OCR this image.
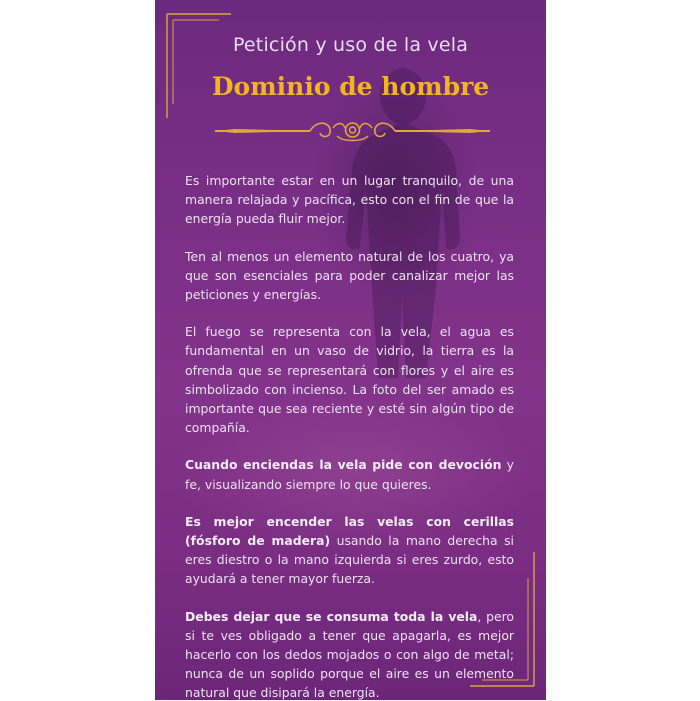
Petición y uso de la vela
Dominio de hombre

Es importante estar en un lugar tranquilo, de una manera relajada y pacífica, esto con el fin de que la energía pueda fluir mejor.

Ten al menos un elemento natural de los cuatro, ya que son esenciales para poder canalizar mejor las peticiones y energías.

El fuego se representa con la vela, el agua es fundamental en un vaso de vidrio, la tierra es la ofrenda que se representará con flores y el aire es simbolizado con incienso. La foto del ser amado es importante que sea reciente y esté sin algún tipo de compañía.

Cuando enciendas la vela pide con devoción y fe, visualizando siempre lo que quieres.

Es mejor encender las velas con cerillas (fósforo de madera) usando la mano derecha si eres diestro o la mano izquierda si eres zurdo, esto ayudará a tener mayor fuerza.

Debes dejar que se consuma toda la vela, pero si te ves obligado a tener que apagarla, es mejor hacerlo con los dedos mojados o con algo de metal; nunca de un soplido porque el aire es un elemento natural que disipará la energía.
